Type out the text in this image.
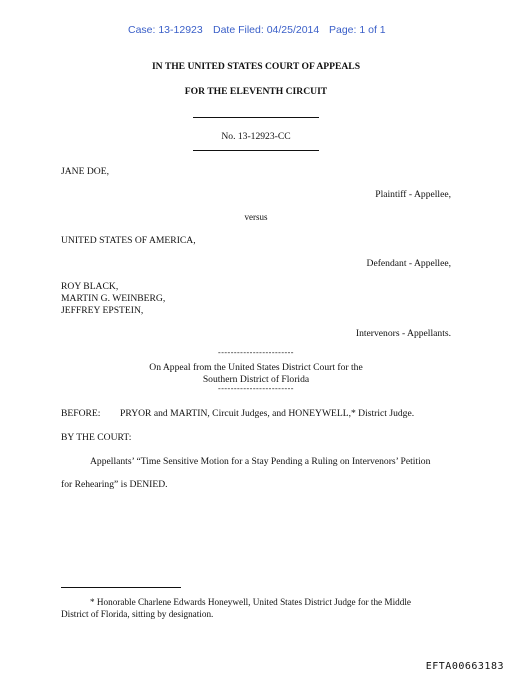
Case: 13-12923 Date Filed: 04/25/2014 Page: 1 of 1
IN THE UNITED STATES COURT OF APPEALS
FOR THE ELEVENTH CIRCUIT
No. 13-12923-CC
JANE DOE,
Plaintiff - Appellee,
versus
UNITED STATES OF AMERICA,
Defendant - Appellee,
ROY BLACK,
MARTIN G. WEINBERG,
JEFFREY EPSTEIN,
Intervenors - Appellants.
------------------------
On Appeal from the United States District Court for the
Southern District of Florida
------------------------
BEFORE: PRYOR and MARTIN, Circuit Judges, and HONEYWELL,* District Judge.
BY THE COURT:
Appellants’ “Time Sensitive Motion for a Stay Pending a Ruling on Intervenors’ Petition
for Rehearing” is DENIED.
* Honorable Charlene Edwards Honeywell, United States District Judge for the Middle
District of Florida, sitting by designation.
EFTA00663183
